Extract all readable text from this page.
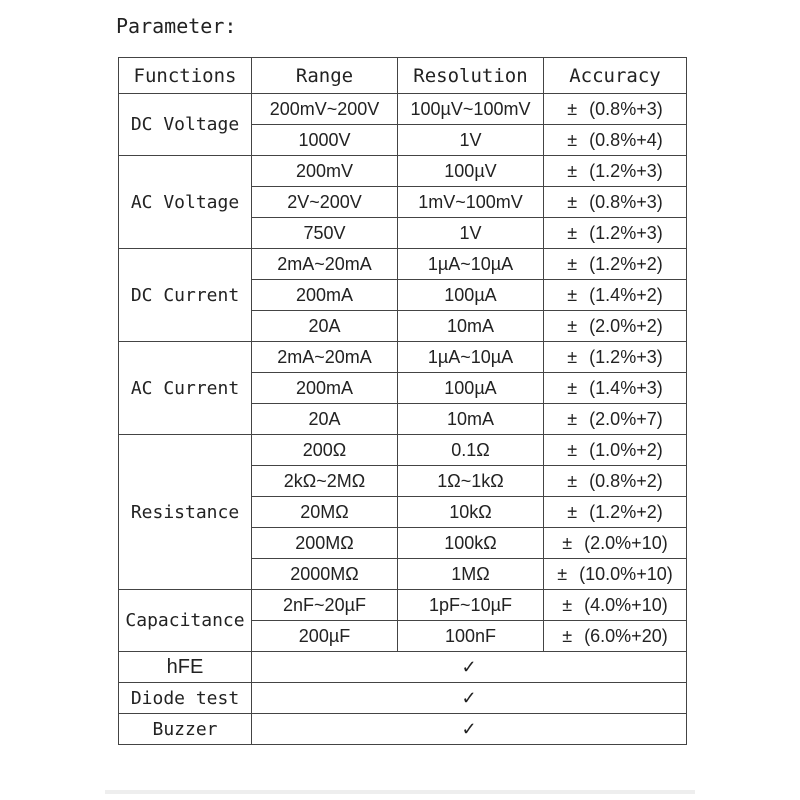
Parameter:
Functions	Range	Resolution	Accuracy
DC Voltage	200mV~200V	100µV~100mV	± (0.8%+3)
	1000V	1V	± (0.8%+4)
AC Voltage	200mV	100µV	± (1.2%+3)
	2V~200V	1mV~100mV	± (0.8%+3)
	750V	1V	± (1.2%+3)
DC Current	2mA~20mA	1µA~10µA	± (1.2%+2)
	200mA	100µA	± (1.4%+2)
	20A	10mA	± (2.0%+2)
AC Current	2mA~20mA	1µA~10µA	± (1.2%+3)
	200mA	100µA	± (1.4%+3)
	20A	10mA	± (2.0%+7)
Resistance	200Ω	0.1Ω	± (1.0%+2)
	2kΩ~2MΩ	1Ω~1kΩ	± (0.8%+2)
	20MΩ	10kΩ	± (1.2%+2)
	200MΩ	100kΩ	± (2.0%+10)
	2000MΩ	1MΩ	± (10.0%+10)
Capacitance	2nF~20µF	1pF~10µF	± (4.0%+10)
	200µF	100nF	± (6.0%+20)
hFE	✓		
Diode test	✓		
Buzzer	✓		
